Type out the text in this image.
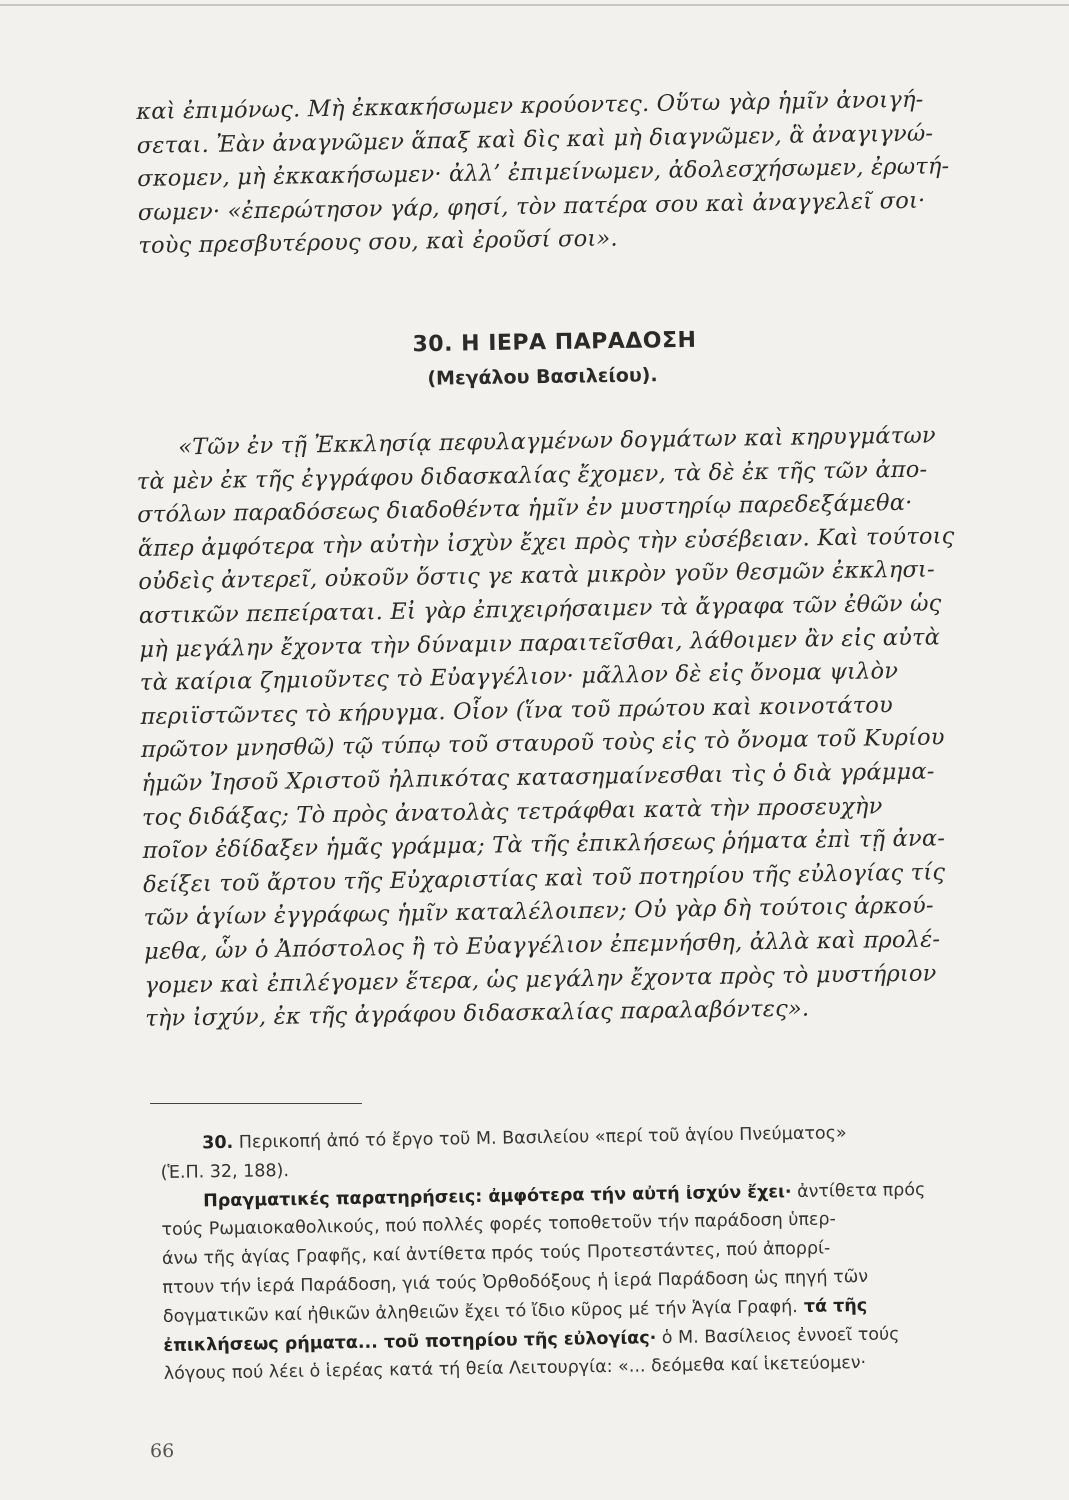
καὶ ἐπιμόνως. Μὴ ἐκκακήσωμεν κρούοντες. Οὕτω γὰρ ἡμῖν ἀνοιγή-
σεται. Ἐὰν ἀναγνῶμεν ἅπαξ καὶ δὶς καὶ μὴ διαγνῶμεν, ἃ ἀναγιγνώ-
σκομεν, μὴ ἐκκακήσωμεν· ἀλλ’ ἐπιμείνωμεν, ἀδολεσχήσωμεν, ἐρωτή-
σωμεν· «ἐπερώτησον γάρ, φησί, τὸν πατέρα σου καὶ ἀναγγελεῖ σοι·
τοὺς πρεσβυτέρους σου, καὶ ἐροῦσί σοι».
30. Η ΙΕΡΑ ΠΑΡΑΔΟΣΗ
(Μεγάλου Βασιλείου).
«Τῶν ἐν τῇ Ἐκκλησίᾳ πεφυλαγμένων δογμάτων καὶ κηρυγμάτων
τὰ μὲν ἐκ τῆς ἐγγράφου διδασκαλίας ἔχομεν, τὰ δὲ ἐκ τῆς τῶν ἀπο-
στόλων παραδόσεως διαδοθέντα ἡμῖν ἐν μυστηρίῳ παρεδεξάμεθα·
ἅπερ ἀμφότερα τὴν αὐτὴν ἰσχὺν ἔχει πρὸς τὴν εὐσέβειαν. Καὶ τούτοις
οὐδεὶς ἀντερεῖ, οὐκοῦν ὅστις γε κατὰ μικρὸν γοῦν θεσμῶν ἐκκλησι-
αστικῶν πεπείραται. Εἰ γὰρ ἐπιχειρήσαιμεν τὰ ἄγραφα τῶν ἐθῶν ὡς
μὴ μεγάλην ἔχοντα τὴν δύναμιν παραιτεῖσθαι, λάθοιμεν ἂν εἰς αὐτὰ
τὰ καίρια ζημιοῦντες τὸ Εὐαγγέλιον· μᾶλλον δὲ εἰς ὄνομα ψιλὸν
περιϊστῶντες τὸ κήρυγμα. Οἷον (ἵνα τοῦ πρώτου καὶ κοινοτάτου
πρῶτον μνησθῶ) τῷ τύπῳ τοῦ σταυροῦ τοὺς εἰς τὸ ὄνομα τοῦ Κυρίου
ἡμῶν Ἰησοῦ Χριστοῦ ἠλπικότας κατασημαίνεσθαι τὶς ὁ διὰ γράμμα-
τος διδάξας; Τὸ πρὸς ἀνατολὰς τετράφθαι κατὰ τὴν προσευχὴν
ποῖον ἐδίδαξεν ἡμᾶς γράμμα; Τὰ τῆς ἐπικλήσεως ῥήματα ἐπὶ τῇ ἀνα-
δείξει τοῦ ἄρτου τῆς Εὐχαριστίας καὶ τοῦ ποτηρίου τῆς εὐλογίας τίς
τῶν ἁγίων ἐγγράφως ἡμῖν καταλέλοιπεν; Οὐ γὰρ δὴ τούτοις ἀρκού-
μεθα, ὧν ὁ Ἀπόστολος ἢ τὸ Εὐαγγέλιον ἐπεμνήσθη, ἀλλὰ καὶ προλέ-
γομεν καὶ ἐπιλέγομεν ἕτερα, ὡς μεγάλην ἔχοντα πρὸς τὸ μυστήριον
τὴν ἰσχύν, ἐκ τῆς ἀγράφου διδασκαλίας παραλαβόντες».
30. Περικοπή ἀπό τό ἔργο τοῦ Μ. Βασιλείου «περί τοῦ ἁγίου Πνεύματος»
(Ἑ.Π. 32, 188).
Πραγματικές παρατηρήσεις: ἀμφότερα τήν αὐτή ἰσχύν ἔχει· ἀντίθετα πρός
τούς Ρωμαιοκαθολικούς, πού πολλές φορές τοποθετοῦν τήν παράδοση ὑπερ-
άνω τῆς ἁγίας Γραφῆς, καί ἀντίθετα πρός τούς Προτεστάντες, πού ἀπορρί-
πτουν τήν ἱερά Παράδοση, γιά τούς Ὀρθοδόξους ἡ ἱερά Παράδοση ὡς πηγή τῶν
δογματικῶν καί ἠθικῶν ἀληθειῶν ἔχει τό ἴδιο κῦρος μέ τήν Ἁγία Γραφή. τά τῆς
ἐπικλήσεως ρήματα... τοῦ ποτηρίου τῆς εὐλογίας· ὁ Μ. Βασίλειος ἐννοεῖ τούς
λόγους πού λέει ὁ ἱερέας κατά τή θεία Λειτουργία: «... δεόμεθα καί ἱκετεύομεν·
66
